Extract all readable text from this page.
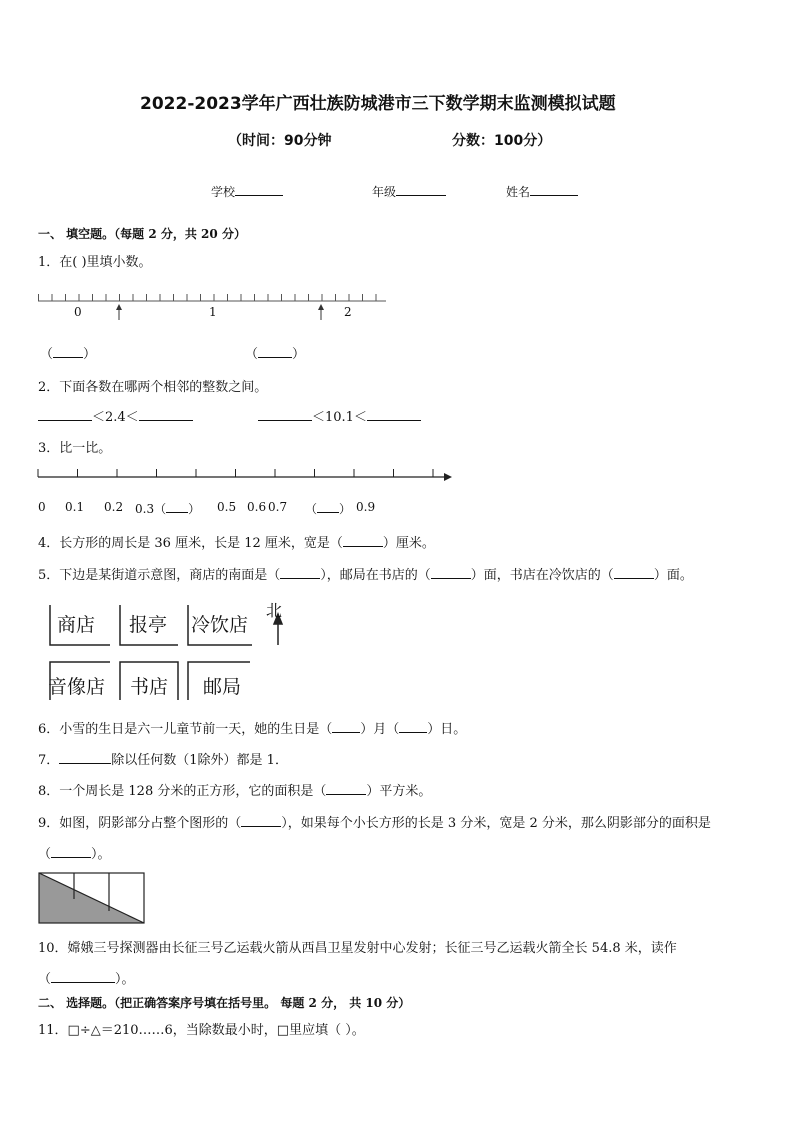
2022-2023学年广西壮族防城港市三下数学期末监测模拟试题
（时间：90分钟	分数：100分）
学校	年级	姓名
一、 填空题。（每题 2 分，共 20 分）
1．在( )里填小数。
0	1	2
（ ）	（	）
2．下面各数在哪两个相邻的整数之间。
＜2.4＜	＜10.1＜
3．比一比。
0 0.1 0.2 0.3（ ） 0.5 0.6 0.7 （ ） 0.9
4．长方形的周长是 36 厘米，长是 12 厘米，宽是（	）厘米。
5．下边是某街道示意图，商店的南面是（	），邮局在书店的（	）面，书店在冷饮店的（	）面。
商店 报亭 冷饮店
北
音像店 书店 邮局
6．小雪的生日是六一儿童节前一天，她的生日是（ ）月（ ）日。
7．	除以任何数（1除外）都是 1．
8．一个周长是 128 分米的正方形，它的面积是（	）平方米。
9．如图，阴影部分占整个图形的（	），如果每个小长方形的长是 3 分米，宽是 2 分米，那么阴影部分的面积是
（	）。
10．嫦娥三号探测器由长征三号乙运载火箭从西昌卫星发射中心发射；长征三号乙运载火箭全长 54.8 米，读作
（	）。
二、 选择题。（把正确答案序号填在括号里。 每题 2 分， 共 10 分）
11．□÷△＝210……6，当除数最小时，□里应填（ ）。
